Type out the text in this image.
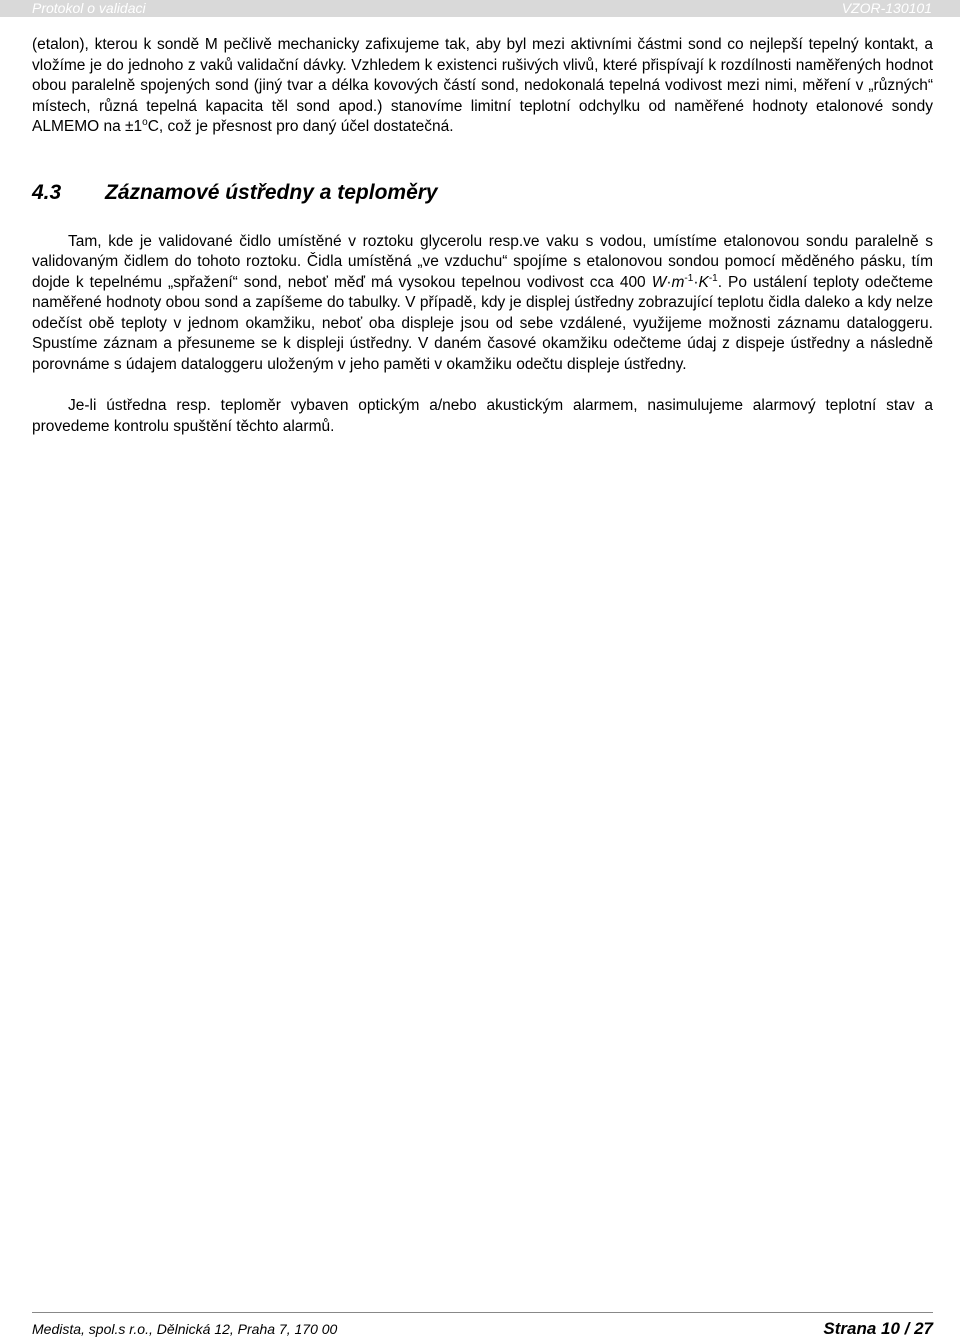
Protokol o validaci	VZOR-130101

(etalon), kterou k sondě M pečlivě mechanicky zafixujeme tak, aby byl mezi aktivními částmi sond co nejlepší tepelný kontakt, a vložíme je do jednoho z vaků validační dávky. Vzhledem k existenci rušivých vlivů, které přispívají k rozdílnosti naměřených hodnot obou paralelně spojených sond (jiný tvar a délka kovových částí sond, nedokonalá tepelná vodivost mezi nimi, měření v „různých“ místech, různá tepelná kapacita těl sond apod.) stanovíme limitní teplotní odchylku od naměřené hodnoty etalonové sondy ALMEMO na $\pm 1^oC$, což je přesnost pro daný účel dostatečná.

4.3	Záznamové ústředny a teploměry

Tam, kde je validované čidlo umístěné v roztoku glycerolu resp.ve vaku s vodou, umístíme etalonovou sondu paralelně s validovaným čidlem do tohoto roztoku. Čidla umístěná „ve vzduchu“ spojíme s etalonovou sondou pomocí měděného pásku, tím dojde k tepelnému „spřažení“ sond, neboť měď má vysokou tepelnou vodivost cca 400 $W\cdot m^{-1}\cdot K^{-1}$. Po ustálení teploty odečteme naměřené hodnoty obou sond a zapíšeme do tabulky. V případě, kdy je displej ústředny zobrazující teplotu čidla daleko a kdy nelze odečíst obě teploty v jednom okamžiku, neboť oba displeje jsou od sebe vzdálené, využijeme možnosti záznamu dataloggeru. Spustíme záznam a přesuneme se k displeji ústředny. V daném časové okamžiku odečteme údaj z dispeje ústředny a následně porovnáme s údajem dataloggeru uloženým v jeho paměti v okamžiku odečtu displeje ústředny.

Je-li ústředna resp. teploměr vybaven optickým a/nebo akustickým alarmem, nasimulujeme alarmový teplotní stav a provedeme kontrolu spuštění těchto alarmů.

Medista, spol.s r.o., Dělnická 12, Praha 7, 170 00	Strana 10 / 27
